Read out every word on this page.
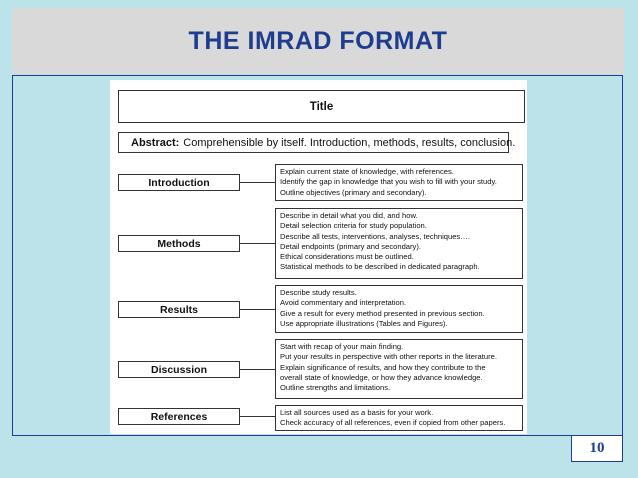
THE IMRAD FORMAT
Title
Abstract: Comprehensible by itself. Introduction, methods, results, conclusion.
Introduction
Explain current state of knowledge, with references.
Identify the gap in knowledge that you wish to fill with your study.
Outline objectives (primary and secondary).
Methods
Describe in detail what you did, and how.
Detail selection criteria for study population.
Describe all tests, interventions, analyses, techniques….
Detail endpoints (primary and secondary).
Ethical considerations must be outlined.
Statistical methods to be described in dedicated paragraph.
Results
Describe study results.
Avoid commentary and interpretation.
Give a result for every method presented in previous section.
Use appropriate illustrations (Tables and Figures).
Discussion
Start with recap of your main finding.
Put your results in perspective with other reports in the literature.
Explain significance of results, and how they contribute to the
overall state of knowledge, or how they advance knowledge.
Outline strengths and limitations.
References	List all sources used as a basis for your work.
Check accuracy of all references, even if copied from other papers.
10
